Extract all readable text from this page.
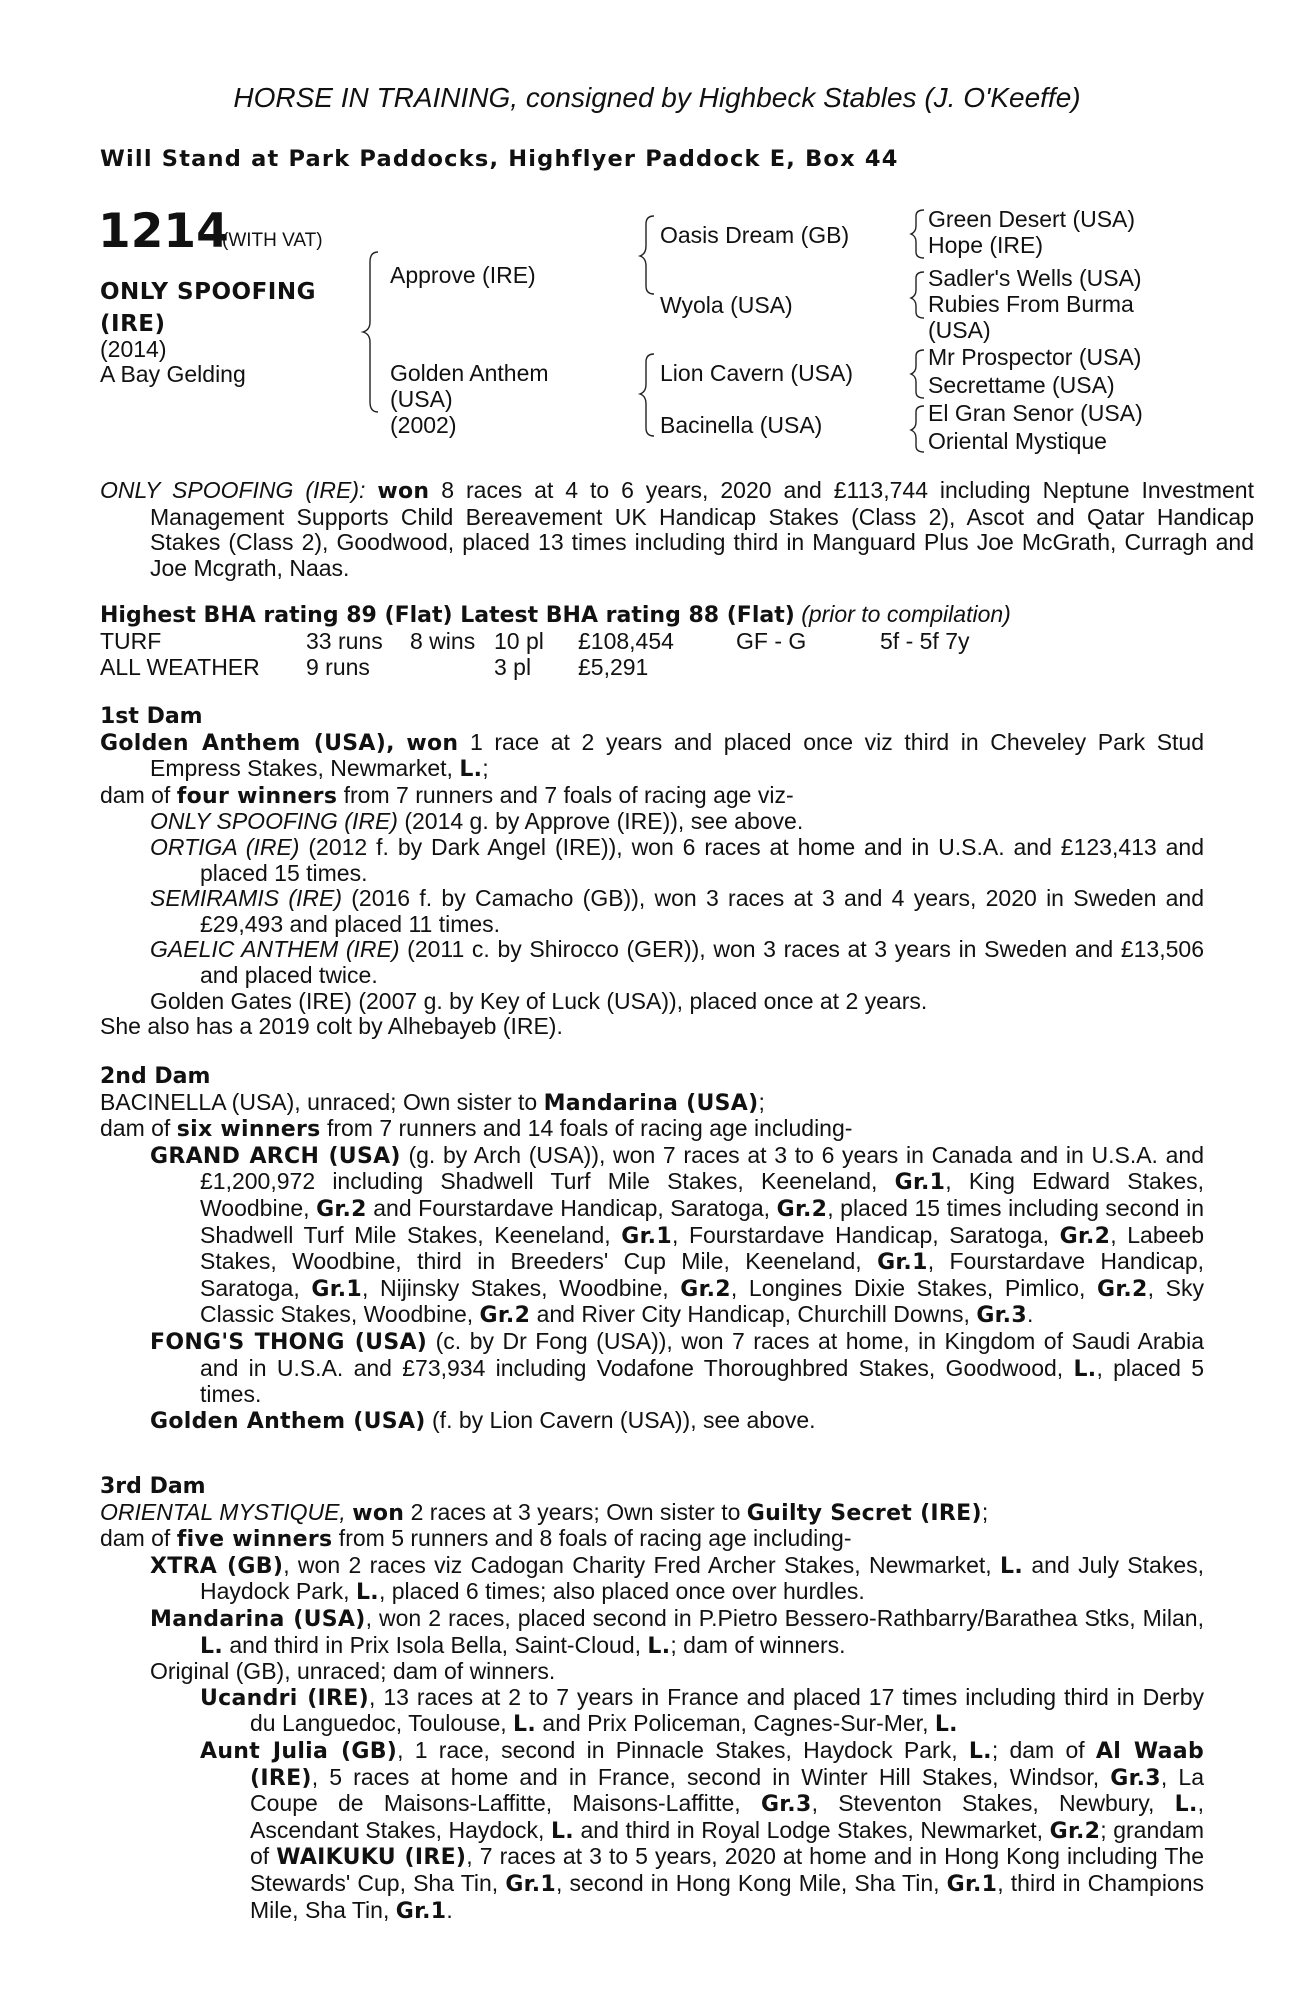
HORSE IN TRAINING, consigned by Highbeck Stables (J. O'Keeffe)
Will Stand at Park Paddocks, Highflyer Paddock E, Box 44
1214
(WITH VAT)
ONLY SPOOFING
(IRE)
(2014)
A Bay Gelding
Approve (IRE)
Golden Anthem
(USA)
(2002)
Oasis Dream (GB)
Wyola (USA)
Lion Cavern (USA)
Bacinella (USA)
Green Desert (USA)
Hope (IRE)
Sadler's Wells (USA)
Rubies From Burma
(USA)
Mr Prospector (USA)
Secrettame (USA)
El Gran Senor (USA)
Oriental Mystique
ONLY SPOOFING (IRE): won 8 races at 4 to 6 years, 2020 and £113,744 including Neptune Investment Management Supports Child Bereavement UK Handicap Stakes (Class 2), Ascot and Qatar Handicap Stakes (Class 2), Goodwood, placed 13 times including third in Manguard Plus Joe McGrath, Curragh and Joe Mcgrath, Naas.
Highest BHA rating 89 (Flat) Latest BHA rating 88 (Flat) (prior to compilation)
TURF	33 runs 8 wins 10 pl £108,454	GF - G	5f - 5f 7y
ALL WEATHER 9 runs	3 pl £5,291

1st Dam

Golden Anthem (USA), won 1 race at 2 years and placed once viz third in Cheveley Park Stud Empress Stakes, Newmarket, L.;

dam of four winners from 7 runners and 7 foals of racing age viz-

ONLY SPOOFING (IRE) (2014 g. by Approve (IRE)), see above.

ORTIGA (IRE) (2012 f. by Dark Angel (IRE)), won 6 races at home and in U.S.A. and £123,413 and placed 15 times.

SEMIRAMIS (IRE) (2016 f. by Camacho (GB)), won 3 races at 3 and 4 years, 2020 in Sweden and £29,493 and placed 11 times.

GAELIC ANTHEM (IRE) (2011 c. by Shirocco (GER)), won 3 races at 3 years in Sweden and £13,506 and placed twice.

Golden Gates (IRE) (2007 g. by Key of Luck (USA)), placed once at 2 years.

She also has a 2019 colt by Alhebayeb (IRE).

2nd Dam

BACINELLA (USA), unraced; Own sister to Mandarina (USA);

dam of six winners from 7 runners and 14 foals of racing age including-

GRAND ARCH (USA) (g. by Arch (USA)), won 7 races at 3 to 6 years in Canada and in U.S.A. and £1,200,972 including Shadwell Turf Mile Stakes, Keeneland, Gr.1, King Edward Stakes, Woodbine, Gr.2 and Fourstardave Handicap, Saratoga, Gr.2, placed 15 times including second in Shadwell Turf Mile Stakes, Keeneland, Gr.1, Fourstardave Handicap, Saratoga, Gr.2, Labeeb Stakes, Woodbine, third in Breeders' Cup Mile, Keeneland, Gr.1, Fourstardave Handicap, Saratoga, Gr.1, Nijinsky Stakes, Woodbine, Gr.2, Longines Dixie Stakes, Pimlico, Gr.2, Sky Classic Stakes, Woodbine, Gr.2 and River City Handicap, Churchill Downs, Gr.3.

FONG'S THONG (USA) (c. by Dr Fong (USA)), won 7 races at home, in Kingdom of Saudi Arabia and in U.S.A. and £73,934 including Vodafone Thoroughbred Stakes, Goodwood, L., placed 5 times.

Golden Anthem (USA) (f. by Lion Cavern (USA)), see above.

3rd Dam

ORIENTAL MYSTIQUE, won 2 races at 3 years; Own sister to Guilty Secret (IRE);

dam of five winners from 5 runners and 8 foals of racing age including-

XTRA (GB), won 2 races viz Cadogan Charity Fred Archer Stakes, Newmarket, L. and July Stakes, Haydock Park, L., placed 6 times; also placed once over hurdles.

Mandarina (USA), won 2 races, placed second in P.Pietro Bessero-Rathbarry/Barathea Stks, Milan, L. and third in Prix Isola Bella, Saint-Cloud, L.; dam of winners.

Original (GB), unraced; dam of winners.

Ucandri (IRE), 13 races at 2 to 7 years in France and placed 17 times including third in Derby du Languedoc, Toulouse, L. and Prix Policeman, Cagnes-Sur-Mer, L.

Aunt Julia (GB), 1 race, second in Pinnacle Stakes, Haydock Park, L.; dam of Al Waab (IRE), 5 races at home and in France, second in Winter Hill Stakes, Windsor, Gr.3, La Coupe de Maisons-Laffitte, Maisons-Laffitte, Gr.3, Steventon Stakes, Newbury, L., Ascendant Stakes, Haydock, L. and third in Royal Lodge Stakes, Newmarket, Gr.2; grandam of WAIKUKU (IRE), 7 races at 3 to 5 years, 2020 at home and in Hong Kong including The Stewards' Cup, Sha Tin, Gr.1, second in Hong Kong Mile, Sha Tin, Gr.1, third in Champions Mile, Sha Tin, Gr.1.
